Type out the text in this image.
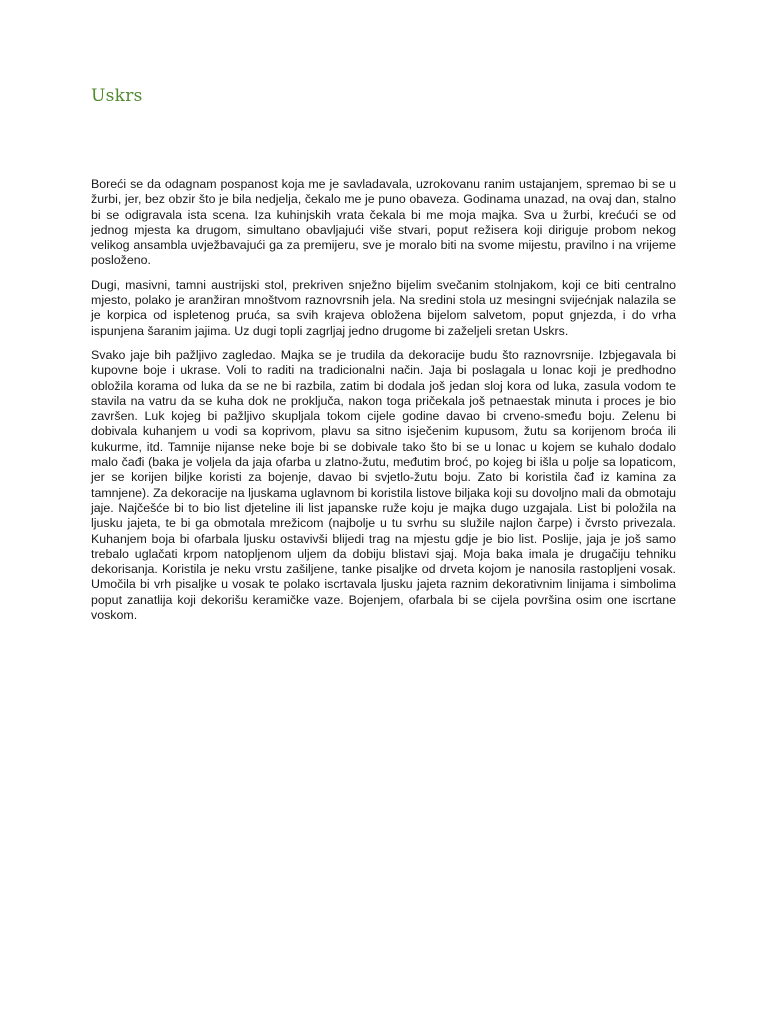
Uskrs

Boreći se da odagnam pospanost koja me je savladavala, uzrokovanu ranim ustajanjem, spremao bi se u žurbi, jer, bez obzir što je bila nedjelja, čekalo me je puno obaveza. Godinama unazad, na ovaj dan, stalno bi se odigravala ista scena. Iza kuhinjskih vrata čekala bi me moja majka. Sva u žurbi, krećući se od jednog mjesta ka drugom, simultano obavljajući više stvari, poput režisera koji diriguje probom nekog velikog ansambla uvježbavajući ga za premijeru, sve je moralo biti na svome mijestu, pravilno i na vrijeme posloženo.

Dugi, masivni, tamni austrijski stol, prekriven snježno bijelim svečanim stolnjakom, koji ce biti centralno mjesto, polako je aranžiran mnoštvom raznovrsnih jela. Na sredini stola uz mesingni svijećnjak nalazila se je korpica od ispletenog pruća, sa svih krajeva obložena bijelom salvetom, poput gnjezda, i do vrha ispunjena šaranim jajima. Uz dugi topli zagrljaj jedno drugome bi zaželjeli sretan Uskrs.

Svako jaje bih pažljivo zagledao. Majka se je trudila da dekoracije budu što raznovrsnije. Izbjegavala bi kupovne boje i ukrase. Voli to raditi na tradicionalni način. Jaja bi poslagala u lonac koji je predhodno obložila korama od luka da se ne bi razbila, zatim bi dodala još jedan sloj kora od luka, zasula vodom te stavila na vatru da se kuha dok ne proključa, nakon toga pričekala još petnaestak minuta i proces je bio završen. Luk kojeg bi pažljivo skupljala tokom cijele godine davao bi crveno-smeđu boju. Zelenu bi dobivala kuhanjem u vodi sa koprivom, plavu sa sitno isječenim kupusom, žutu sa korijenom broća ili kukurme, itd. Tamnije nijanse neke boje bi se dobivale tako što bi se u lonac u kojem se kuhalo dodalo malo čađi (baka je voljela da jaja ofarba u zlatno-žutu, međutim broć, po kojeg bi išla u polje sa lopaticom, jer se korijen biljke koristi za bojenje, davao bi svjetlo-žutu boju. Zato bi koristila čađ iz kamina za tamnjene). Za dekoracije na ljuskama uglavnom bi koristila listove biljaka koji su dovoljno mali da obmotaju jaje. Najčešće bi to bio list djeteline ili list japanske ruže koju je majka dugo uzgajala. List bi položila na ljusku jajeta, te bi ga obmotala mrežicom (najbolje u tu svrhu su služile najlon čarpe) i čvrsto privezala. Kuhanjem boja bi ofarbala ljusku ostavivši blijedi trag na mjestu gdje je bio list. Poslije, jaja je još samo trebalo uglačati krpom natopljenom uljem da dobiju blistavi sjaj. Moja baka imala je drugačiju tehniku dekorisanja. Koristila je neku vrstu zašiljene, tanke pisaljke od drveta kojom je nanosila rastopljeni vosak. Umočila bi vrh pisaljke u vosak te polako iscrtavala ljusku jajeta raznim dekorativnim linijama i simbolima poput zanatlija koji dekorišu keramičke vaze. Bojenjem, ofarbala bi se cijela površina osim one iscrtane voskom.
